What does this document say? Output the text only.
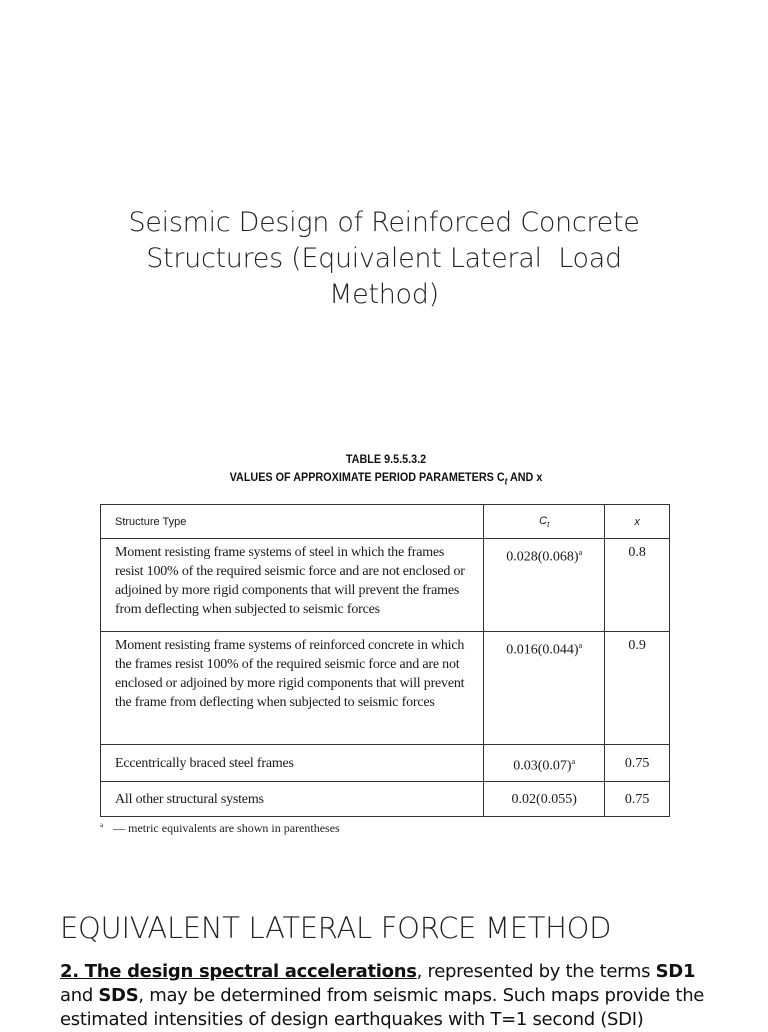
Seismic Design of Reinforced Concrete
Structures (Equivalent Lateral  Load
Method)
TABLE 9.5.5.3.2
VALUES OF APPROXIMATE PERIOD PARAMETERS $C_t$ AND x
Structure Type	$C_t$	x
Moment resisting frame systems of steel in which the frames resist 100% of the required seismic force and are not enclosed or adjoined by more rigid components that will prevent the frames from deflecting when subjected to seismic forces	$0.028(0.068)^a$	0.8
Moment resisting frame systems of reinforced concrete in which the frames resist 100% of the required seismic force and are not enclosed or adjoined by more rigid components that will prevent the frame from deflecting when subjected to seismic forces	$0.016(0.044)^a$	0.9
Eccentrically braced steel frames	$0.03(0.07)^a$	0.75
All other structural systems	0.02(0.055)	0.75
$^a$ — metric equivalents are shown in parentheses
EQUIVALENT LATERAL FORCE METHOD
2. The design spectral accelerations, represented by the terms SD1 and SDS, may be determined from seismic maps. Such maps provide the estimated intensities of design earthquakes with T=1 second (SDI)
